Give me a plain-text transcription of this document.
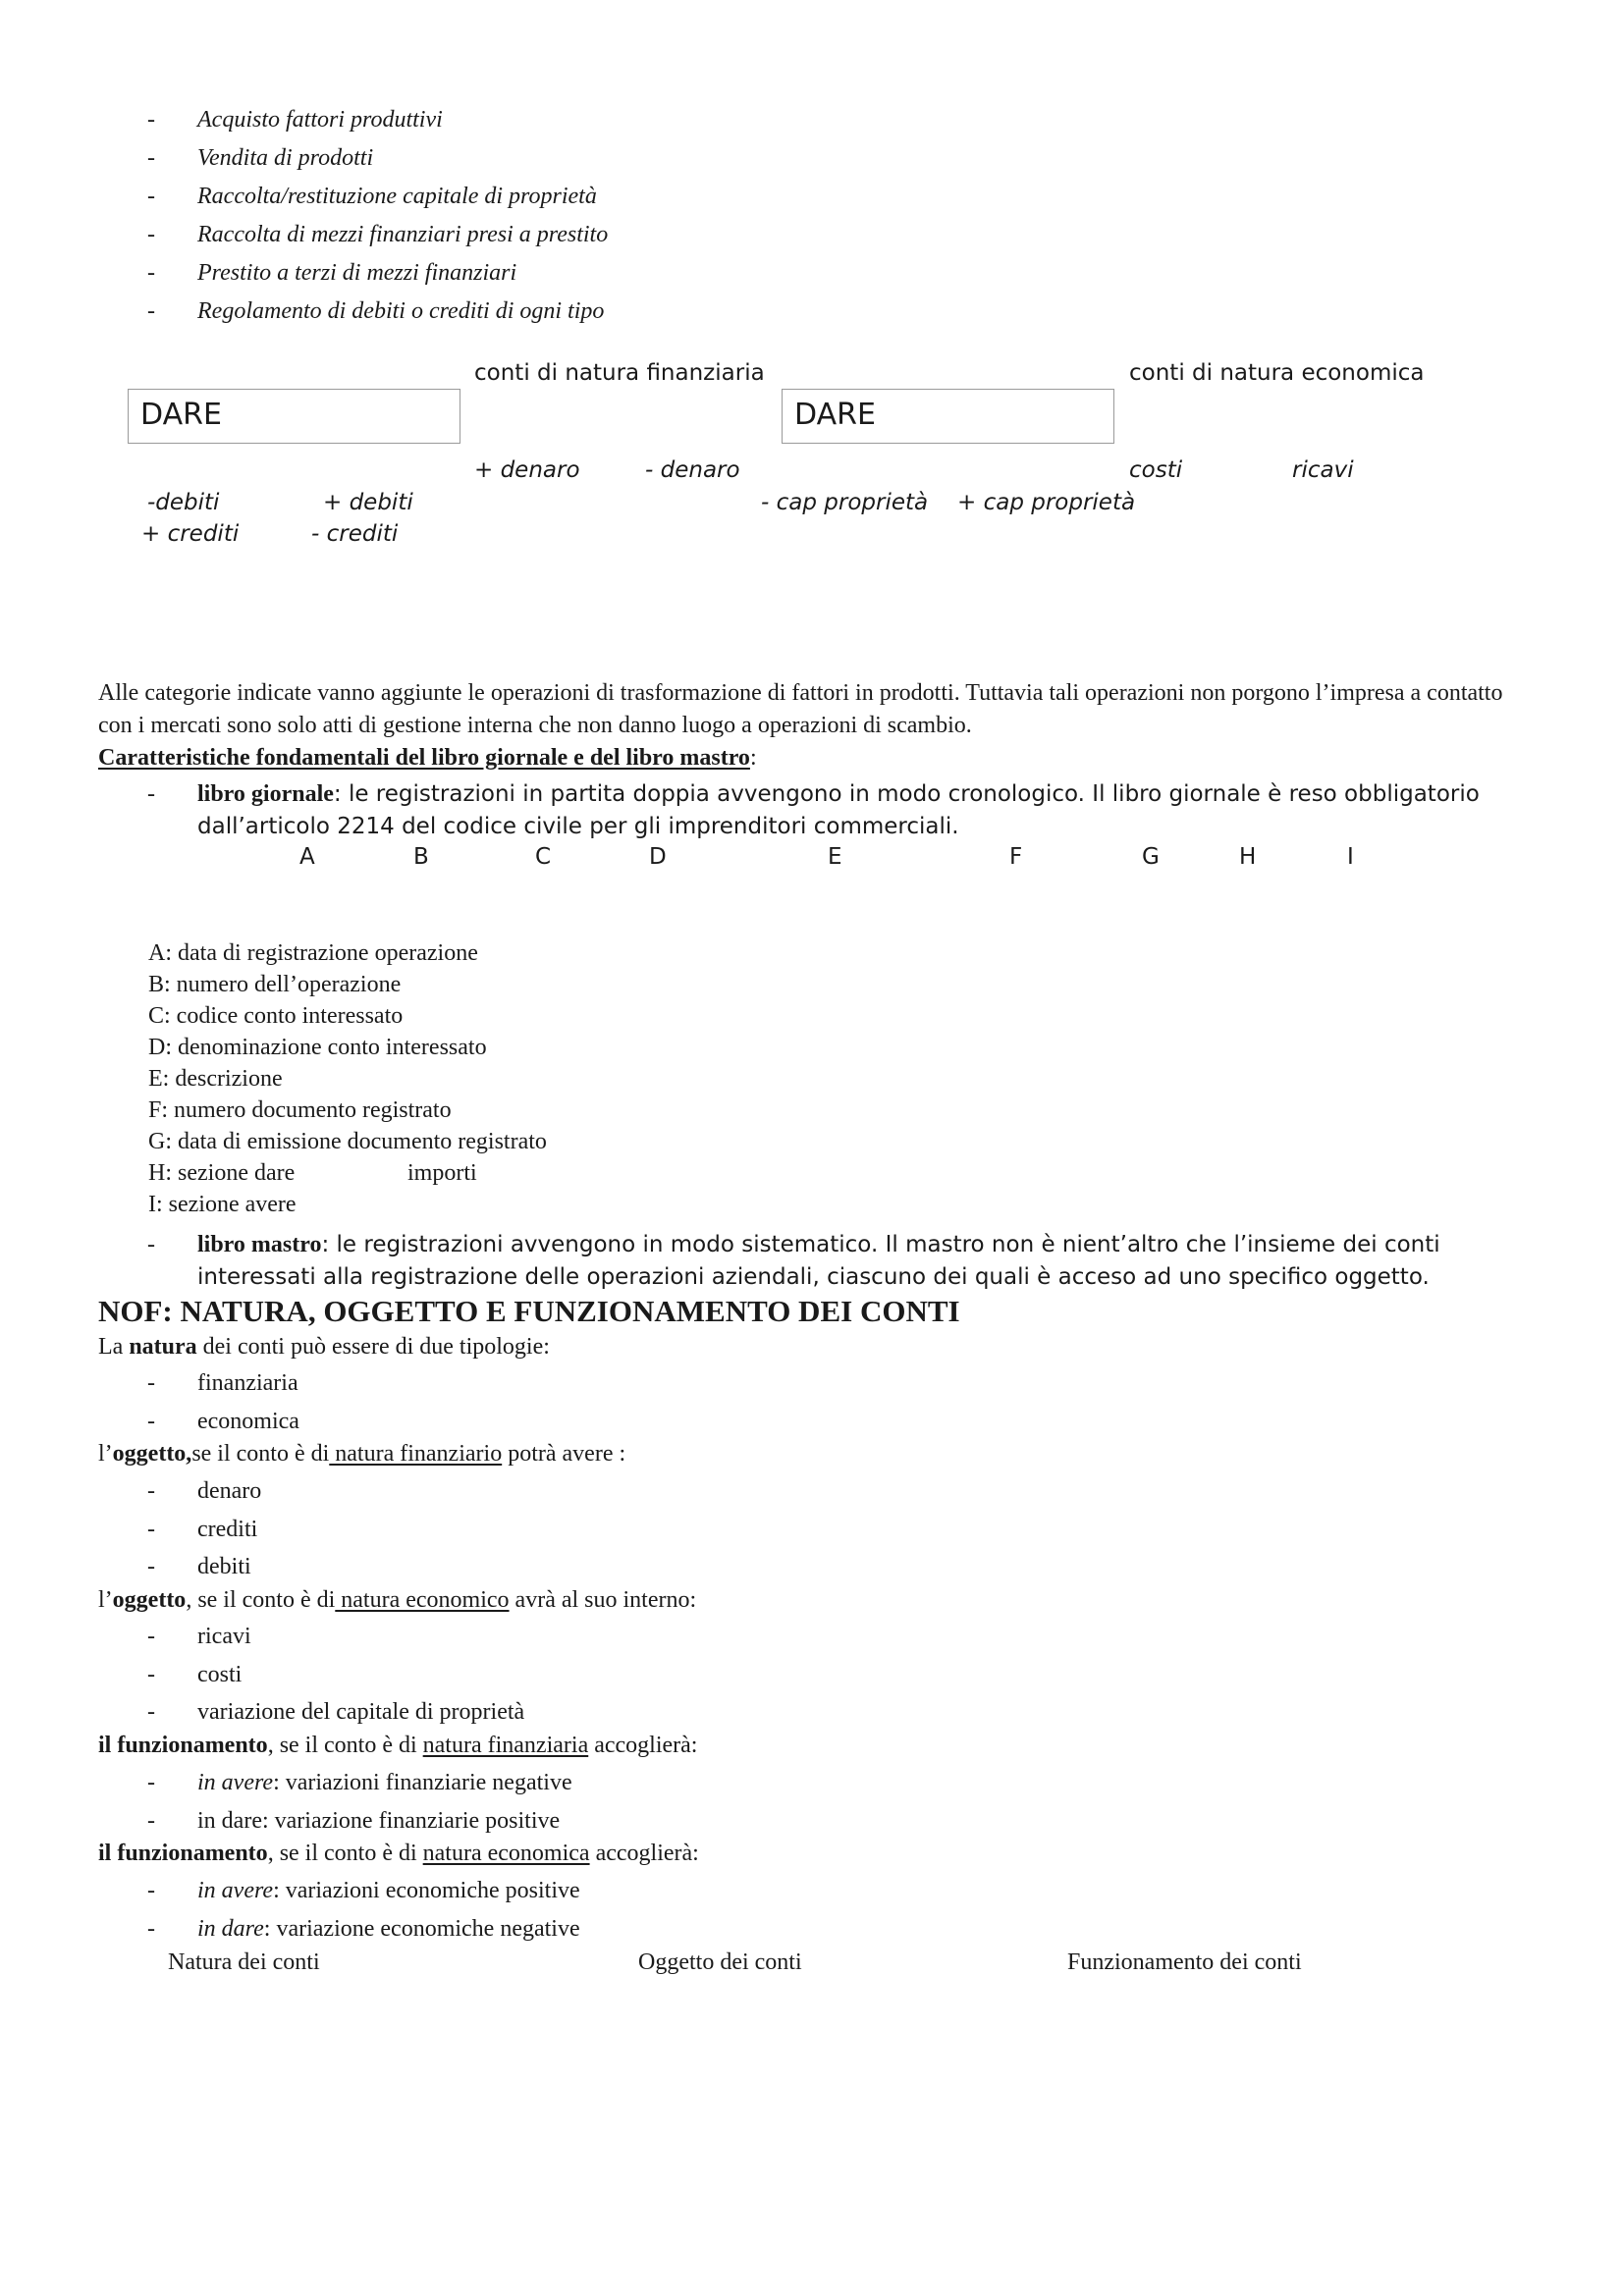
- Acquisto fattori produttivi
- Vendita di prodotti
- Raccolta/restituzione capitale di proprietà
- Raccolta di mezzi finanziari presi a prestito
- Prestito a terzi di mezzi finanziari
- Regolamento di debiti o crediti di ogni tipo
DARE
conti di natura finanziaria
+ denaro	- denaro
-debiti	+ debiti
+ crediti	- crediti
DARE
conti di natura economica
costi	ricavi
- cap proprietà + cap proprietà
Alle categorie indicate vanno aggiunte le operazioni di trasformazione di fattori in prodotti. Tuttavia tali operazioni non porgono l’impresa a contatto con i mercati sono solo atti di gestione interna che non danno luogo a operazioni di scambio.
Caratteristiche fondamentali del libro giornale e del libro mastro:
- libro giornale: le registrazioni in partita doppia avvengono in modo cronologico. Il libro giornale è reso obbligatorio
dall’articolo 2214 del codice civile per gli imprenditori commerciali.
A	B	C	D	E	F	G	H	I
A: data di registrazione operazione
B: numero dell’operazione
C: codice conto interessato
D: denominazione conto interessato
E: descrizione
F: numero documento registrato
G: data di emissione documento registrato
H: sezione dare	importi
I: sezione avere
- libro mastro: le registrazioni avvengono in modo sistematico. Il mastro non è nient’altro che l’insieme dei conti
interessati alla registrazione delle operazioni aziendali, ciascuno dei quali è acceso ad uno specifico oggetto.
NOF: NATURA, OGGETTO E FUNZIONAMENTO DEI CONTI
La natura dei conti può essere di due tipologie:
- finanziaria
- economica
l’oggetto,se il conto è di natura finanziario potrà avere :
- denaro
- crediti
- debiti
l’oggetto, se il conto è di natura economico avrà al suo interno:
- ricavi
- costi
- variazione del capitale di proprietà
il funzionamento, se il conto è di natura finanziaria accoglierà:
- in avere: variazioni finanziarie negative
- in dare: variazione finanziarie positive
il funzionamento, se il conto è di natura economica accoglierà:
- in avere: variazioni economiche positive
- in dare: variazione economiche negative
Natura dei conti	Oggetto dei conti	Funzionamento dei conti
